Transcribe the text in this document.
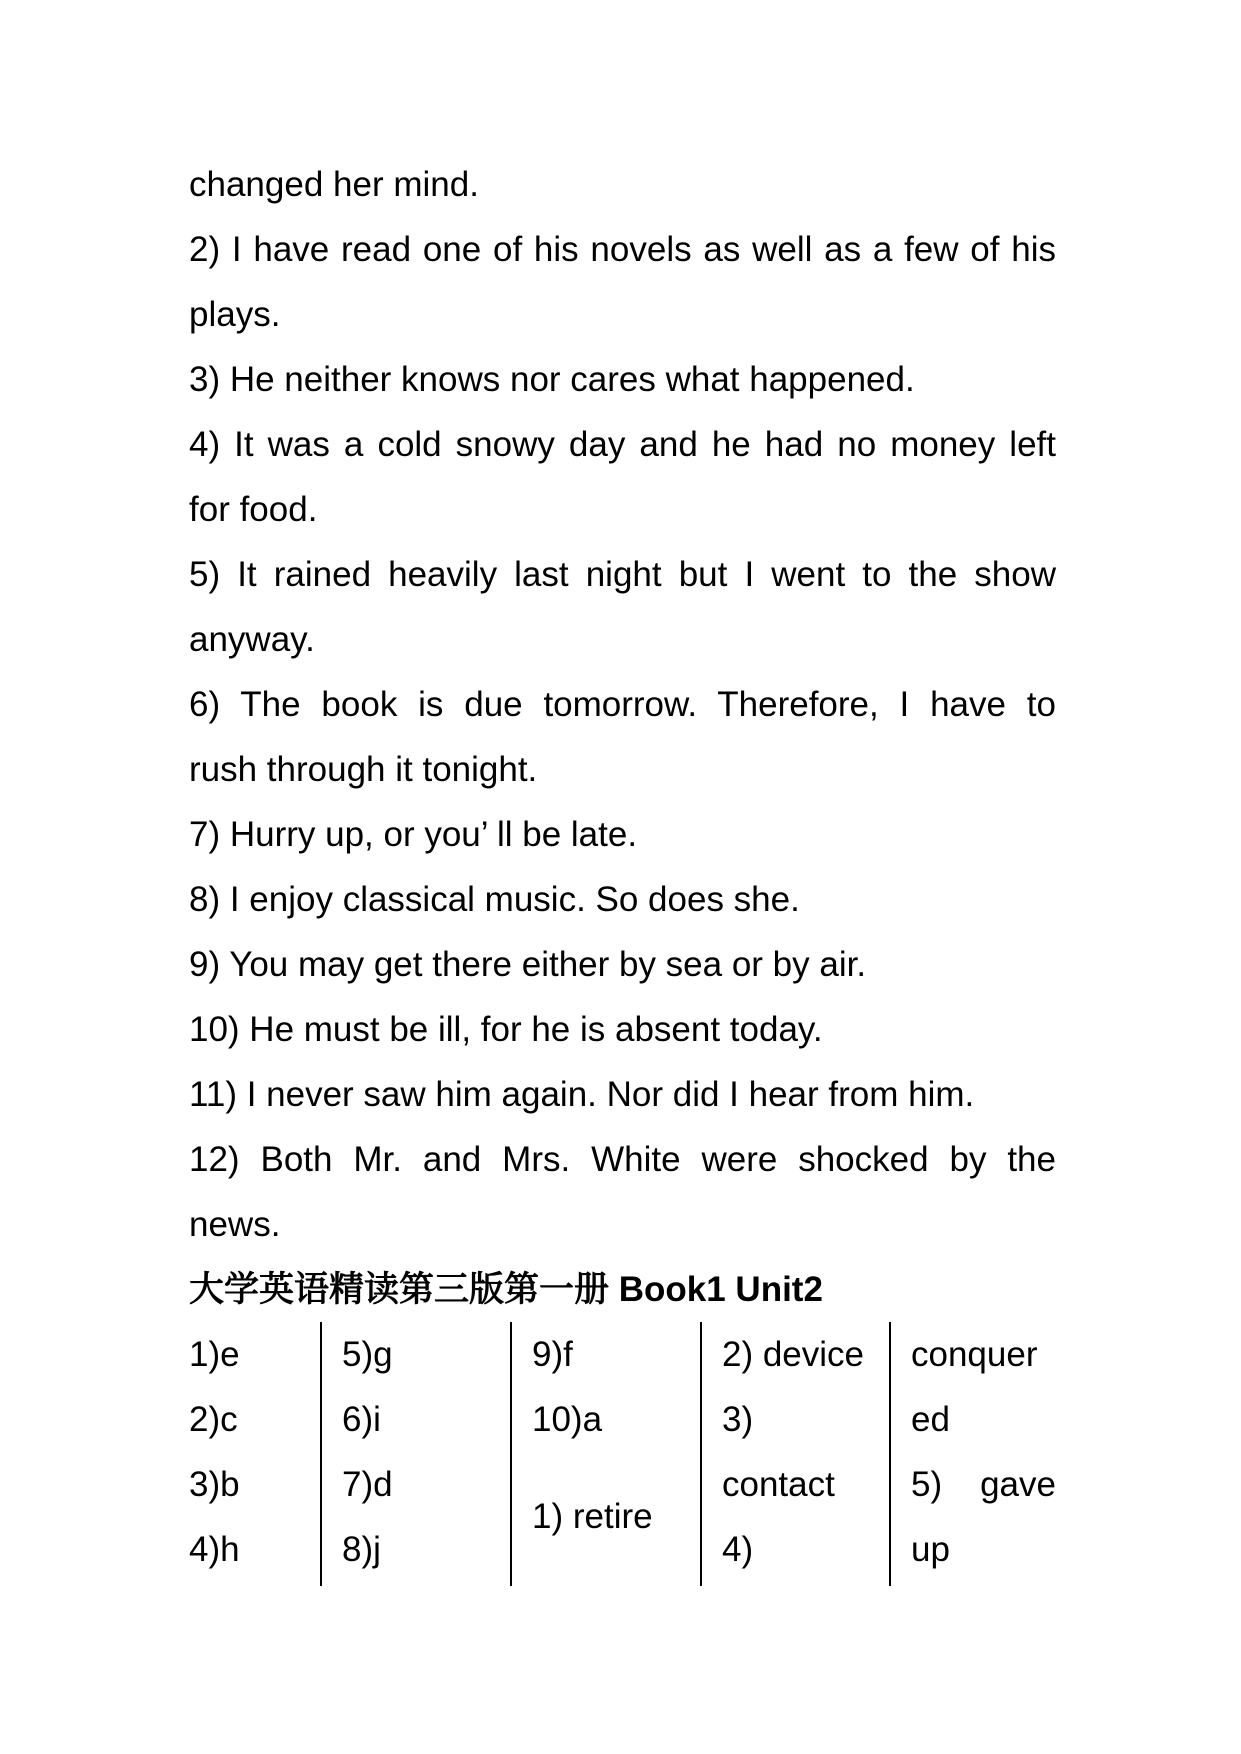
changed her mind.
2) I have read one of his novels as well as a few of his
plays.
3) He neither knows nor cares what happened.
4) It was a cold snowy day and he had no money left
for food.
5) It rained heavily last night but I went to the show
anyway.
6) The book is due tomorrow. Therefore, I have to
rush through it tonight.
7) Hurry up, or you’ ll be late.
8) I enjoy classical music. So does she.
9) You may get there either by sea or by air.
10) He must be ill, for he is absent today.
11) I never saw him again. Nor did I hear from him.
12) Both Mr. and Mrs. White were shocked by the
news.
大学英语精读第三版第一册 Book1 Unit2
1)e
2)c
3)b
4)h
5)g
6)i
7)d
8)j
9)f
10)a
1) retire
2) device
3)
contact
4)
conquer
ed
5) gave
up
